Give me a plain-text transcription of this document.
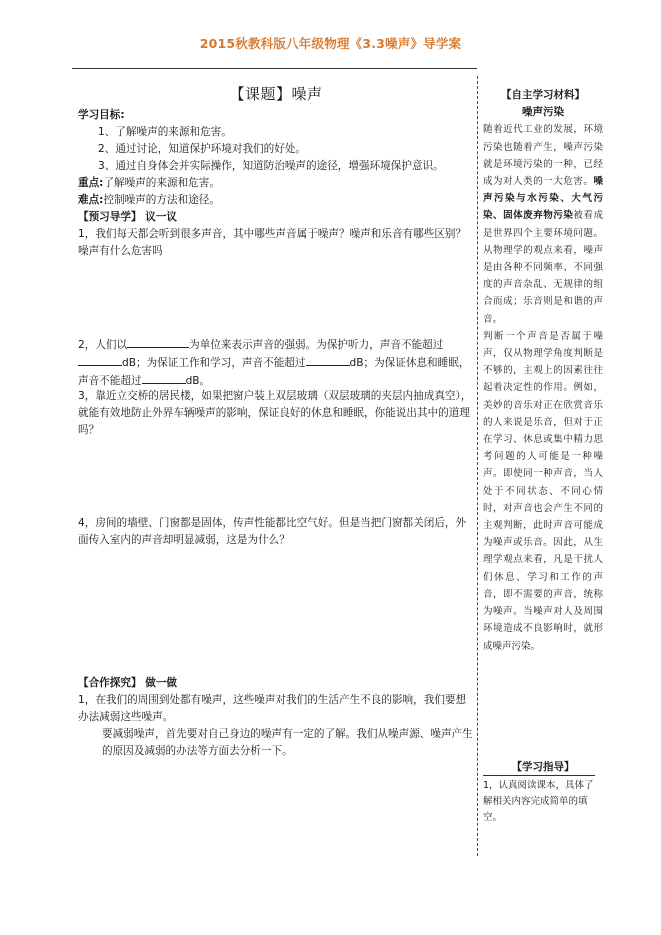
2015秋教科版八年级物理《3.3噪声》导学案

【课题】噪声

学习目标:

1、了解噪声的来源和危害。

2、通过讨论，知道保护环境对我们的好处。

3、通过自身体会并实际操作，知道防治噪声的途径，增强环境保护意识。

重点:了解噪声的来源和危害。

难点:控制噪声的方法和途径。

【预习导学】 议一议

1，我们每天都会听到很多声音，其中哪些声音属于噪声？噪声和乐音有哪些区别？噪声有什么危害吗

2，人们以	为单位来表示声音的强弱。为保护听力，声音不能超过dB；为保证工作和学习，声音不能超过	dB；为保证休息和睡眠，声音不能超过	dB。

3，靠近立交桥的居民楼，如果把窗户装上双层玻璃（双层玻璃的夹层内抽成真空），就能有效地防止外界车辆噪声的影响，保证良好的休息和睡眠，你能说出其中的道理吗？

4，房间的墙壁、门窗都是固体，传声性能都比空气好。但是当把门窗都关闭后，外面传入室内的声音却明显减弱，这是为什么？

【合作探究】 做一做

1，在我们的周围到处都有噪声，这些噪声对我们的生活产生不良的影响，我们要想办法减弱这些噪声。

要减弱噪声，首先要对自己身边的噪声有一定的了解。我们从噪声源、噪声产生的原因及减弱的办法等方面去分析一下。

【自主学习材料】

噪声污染

随着近代工业的发展，环境污染也随着产生，噪声污染就是环境污染的一种，已经成为对人类的一大危害。噪声污染与水污染、大气污染、固体废弃物污染被看成是世界四个主要环境问题。从物理学的观点来看，噪声是由各种不同频率、不同强度的声音杂乱、无规律的组合而成；乐音则是和谐的声音。

判断一个声音是否属于噪声，仅从物理学角度判断是不够的，主观上的因素往往起着决定性的作用。例如，美妙的音乐对正在欣赏音乐的人来说是乐音，但对于正在学习、休息或集中精力思考问题的人可能是一种噪声。即使同一种声音，当人处于不同状态、不同心情时，对声音也会产生不同的主观判断，此时声音可能成为噪声或乐音。因此，从生理学观点来看，凡是干扰人们休息、学习和工作的声音，即不需要的声音，统称为噪声。当噪声对人及周围环境造成不良影响时，就形成噪声污染。

【学习指导】

1，认真阅读课本，具体了解相关内容完成简单的填空。
